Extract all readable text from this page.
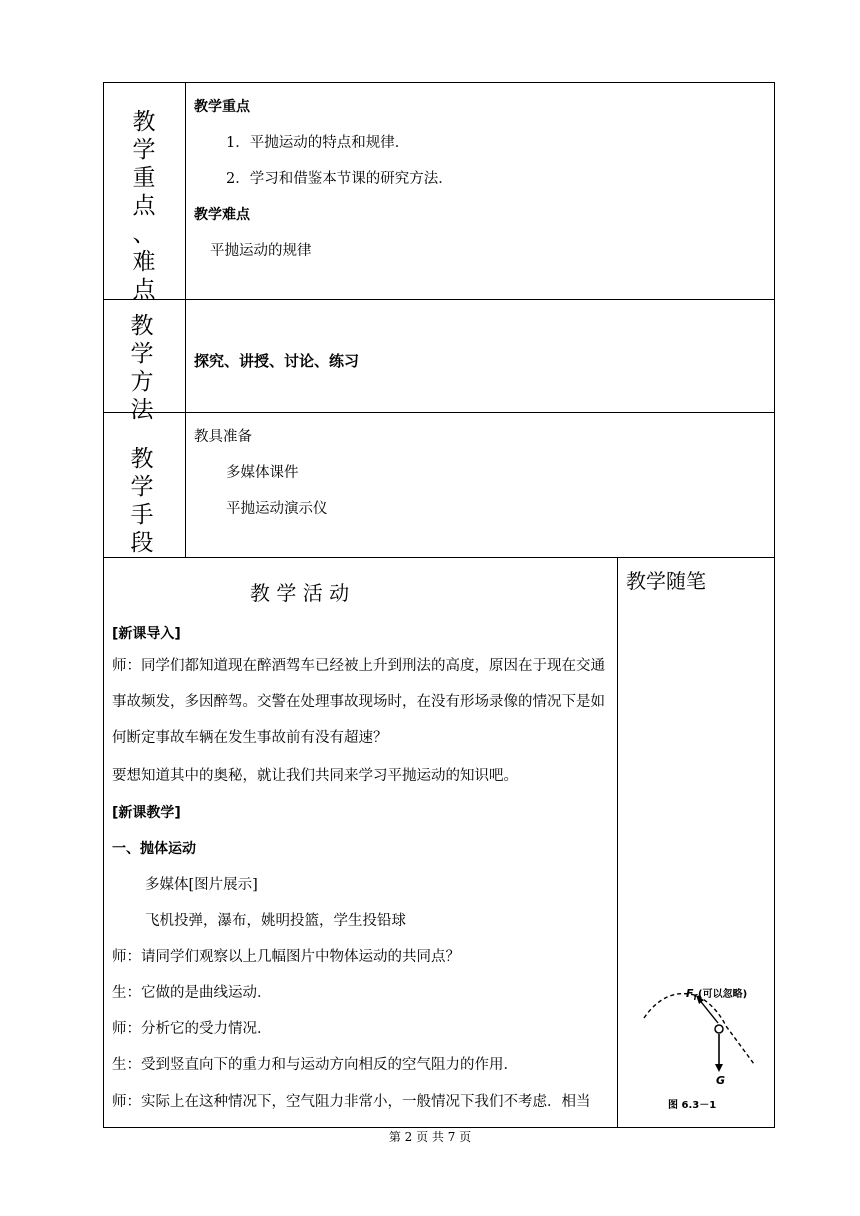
教
学
重
点
、
难
点
教学重点
1．平抛运动的特点和规律．
2．学习和借鉴本节课的研究方法．
教学难点
平抛运动的规律
教
学
方
法
探究、讲授、讨论、练习
教
学
手
段
教具准备
多媒体课件
平抛运动演示仪
教 学 活 动	教学随笔
[新课导入]
师：同学们都知道现在醉酒驾车已经被上升到刑法的高度，原因在于现在交通事故频发，多因醉驾。交警在处理事故现场时，在没有形场录像的情况下是如何断定事故车辆在发生事故前有没有超速？
要想知道其中的奥秘，就让我们共同来学习平抛运动的知识吧。
[新课教学]
一、抛体运动
多媒体[图片展示]
飞机投弹，瀑布，姚明投篮，学生投铅球
师：请同学们观察以上几幅图片中物体运动的共同点？
生：它做的是曲线运动．
师：分析它的受力情况．
生：受到竖直向下的重力和与运动方向相反的空气阻力的作用．
师：实际上在这种情况下，空气阻力非常小，一般情况下我们不考虑．相当
$F_f$ (可以忽略)
G
图 6.3－1
第 2 页 共 7 页
